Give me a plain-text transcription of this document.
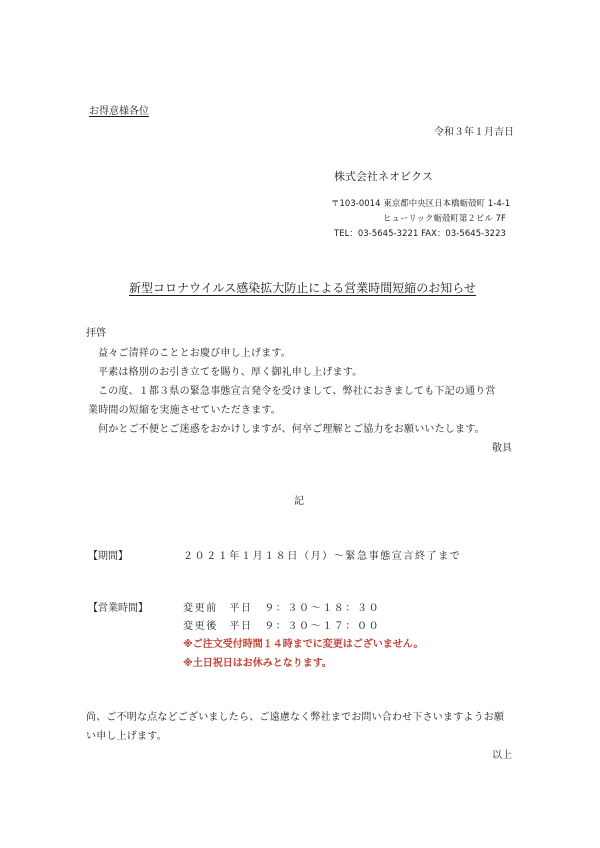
お得意様各位
令和３年１月吉日
株式会社ネオピクス
〒103-0014 東京都中央区日本橋蛎殻町 1-4-1
ヒューリック蛎殻町第２ビル 7F
TEL：03-5645-3221 FAX：03-5645-3223
新型コロナウイルス感染拡大防止による営業時間短縮のお知らせ
拝啓
益々ご清祥のこととお慶び申し上げます。
平素は格別のお引き立てを賜り、厚く御礼申し上げます。
この度、１都３県の緊急事態宣言発令を受けまして、弊社におきましても下記の通り営
業時間の短縮を実施させていただきます。
何かとご不便とご迷惑をおかけしますが、何卒ご理解とご協力をお願いいたします。
敬具
記
【期間】	２０２１年１月１８日（月）〜緊急事態宣言終了まで
【営業時間】	変更前　平日　９：３０〜１８：３０
変更後　平日　９：３０〜１７：００
※ご注文受付時間１４時までに変更はございません。
※土日祝日はお休みとなります。
尚、ご不明な点などございましたら、ご遠慮なく弊社までお問い合わせ下さいますようお願
い申し上げます。
以上
